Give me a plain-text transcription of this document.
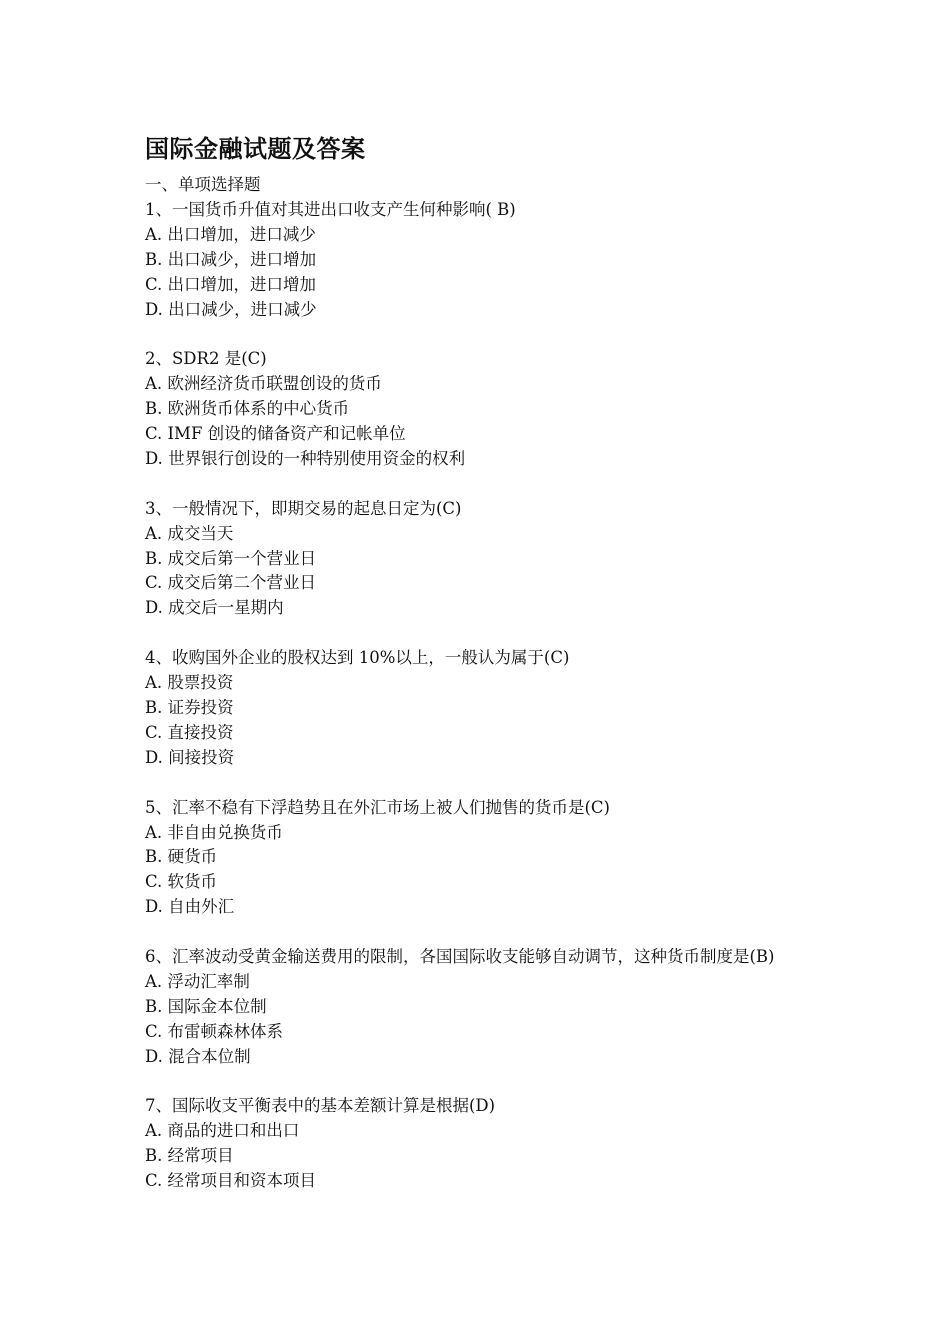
国际金融试题及答案

一、单项选择题

1、一国货币升值对其进出口收支产生何种影响( B)

A. 出口增加，进口减少

B. 出口减少，进口增加

C. 出口增加，进口增加

D. 出口减少，进口减少

2、SDR2 是(C)

A. 欧洲经济货币联盟创设的货币

B. 欧洲货币体系的中心货币

C. IMF 创设的储备资产和记帐单位

D. 世界银行创设的一种特别使用资金的权利

3、一般情况下，即期交易的起息日定为(C)

A. 成交当天

B. 成交后第一个营业日

C. 成交后第二个营业日

D. 成交后一星期内

4、收购国外企业的股权达到 10%以上，一般认为属于(C)

A. 股票投资

B. 证券投资

C. 直接投资

D. 间接投资

5、汇率不稳有下浮趋势且在外汇市场上被人们抛售的货币是(C)

A. 非自由兑换货币

B. 硬货币

C. 软货币

D. 自由外汇

6、汇率波动受黄金输送费用的限制，各国国际收支能够自动调节，这种货币制度是(B)

A. 浮动汇率制

B. 国际金本位制

C. 布雷顿森林体系

D. 混合本位制

7、国际收支平衡表中的基本差额计算是根据(D)

A. 商品的进口和出口

B. 经常项目

C. 经常项目和资本项目
